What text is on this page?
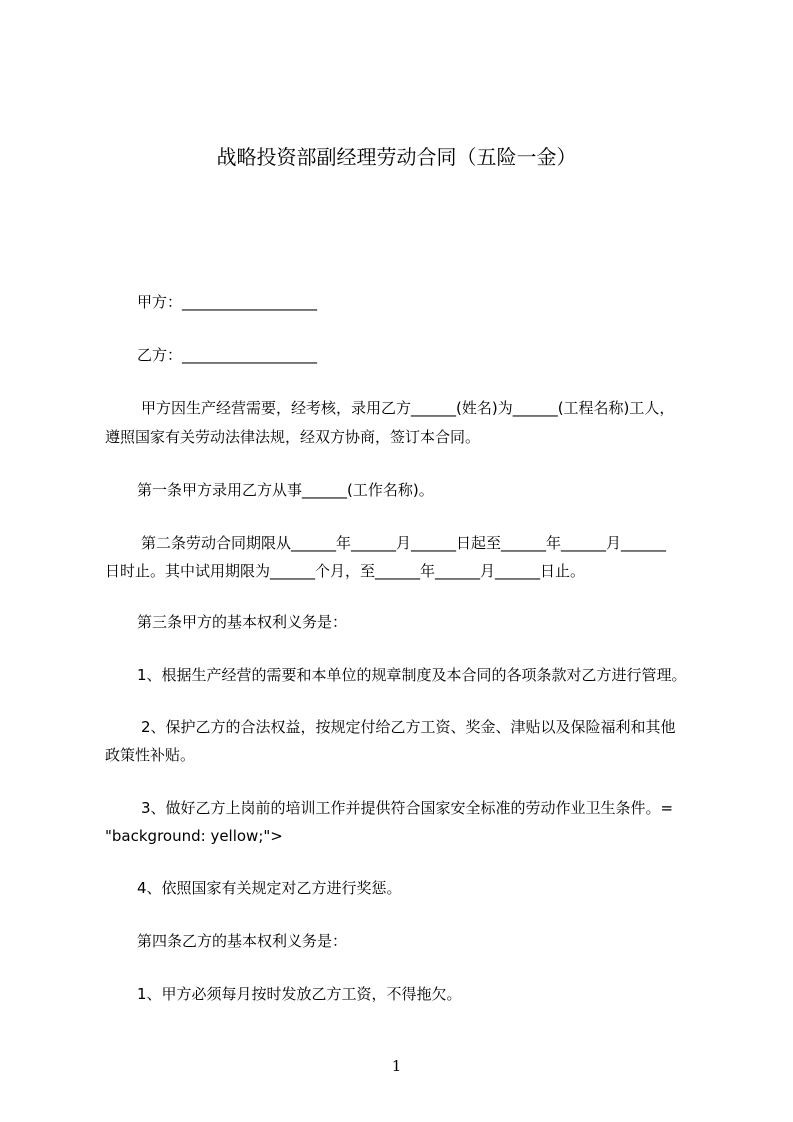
战略投资部副经理劳动合同（五险一金）
甲方：__________________
乙方：__________________
甲方因生产经营需要，经考核，录用乙方______(姓名)为______(工程名称)工人，
遵照国家有关劳动法律法规，经双方协商，签订本合同。
第一条甲方录用乙方从事______(工作名称)。
第二条劳动合同期限从______年______月______日起至______年______月______
日时止。其中试用期限为______个月，至______年______月______日止。
第三条甲方的基本权利义务是：
1、根据生产经营的需要和本单位的规章制度及本合同的各项条款对乙方进行管理。
2、保护乙方的合法权益，按规定付给乙方工资、奖金、津贴以及保险福利和其他
政策性补贴。
3、做好乙方上岗前的培训工作并提供符合国家安全标准的劳动作业卫生条件。=
"background: yellow;">
4、依照国家有关规定对乙方进行奖惩。
第四条乙方的基本权利义务是：
1、甲方必须每月按时发放乙方工资，不得拖欠。
1
